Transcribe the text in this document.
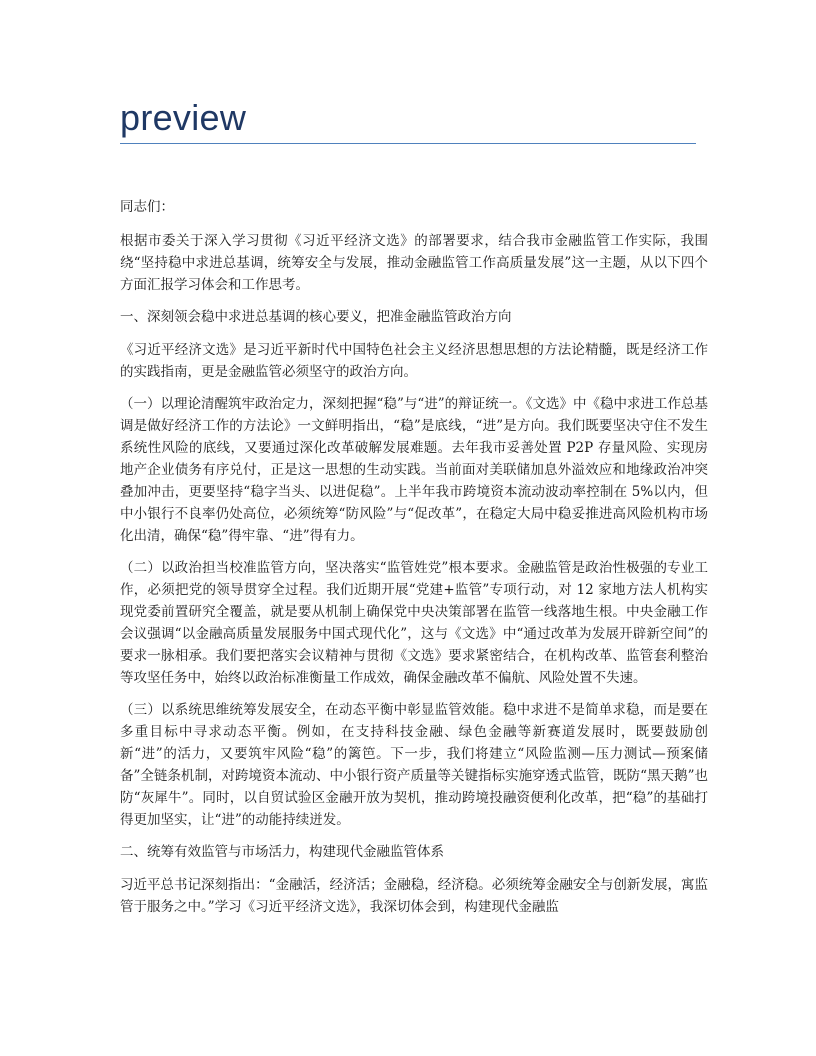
preview

同志们：

根据市委关于深入学习贯彻《习近平经济文选》的部署要求，结合我市金融监管工作实际，我围绕“坚持稳中求进总基调，统筹安全与发展，推动金融监管工作高质量发展”这一主题，从以下四个方面汇报学习体会和工作思考。

一、深刻领会稳中求进总基调的核心要义，把准金融监管政治方向

《习近平经济文选》是习近平新时代中国特色社会主义经济思想思想的方法论精髓，既是经济工作的实践指南，更是金融监管必须坚守的政治方向。

（一）以理论清醒筑牢政治定力，深刻把握“稳”与“进”的辩证统一。《文选》中《稳中求进工作总基调是做好经济工作的方法论》一文鲜明指出，“稳”是底线，“进”是方向。我们既要坚决守住不发生系统性风险的底线，又要通过深化改革破解发展难题。去年我市妥善处置 P2P 存量风险、实现房地产企业债务有序兑付，正是这一思想的生动实践。当前面对美联储加息外溢效应和地缘政治冲突叠加冲击，更要坚持“稳字当头、以进促稳”。上半年我市跨境资本流动波动率控制在 5%以内，但中小银行不良率仍处高位，必须统筹“防风险”与“促改革”，在稳定大局中稳妥推进高风险机构市场化出清，确保“稳”得牢靠、“进”得有力。

（二）以政治担当校准监管方向，坚决落实“监管姓党”根本要求。金融监管是政治性极强的专业工作，必须把党的领导贯穿全过程。我们近期开展“党建+监管”专项行动，对 12 家地方法人机构实现党委前置研究全覆盖，就是要从机制上确保党中央决策部署在监管一线落地生根。中央金融工作会议强调“以金融高质量发展服务中国式现代化”，这与《文选》中“通过改革为发展开辟新空间”的要求一脉相承。我们要把落实会议精神与贯彻《文选》要求紧密结合，在机构改革、监管套利整治等攻坚任务中，始终以政治标准衡量工作成效，确保金融改革不偏航、风险处置不失速。

（三）以系统思维统筹发展安全，在动态平衡中彰显监管效能。稳中求进不是简单求稳，而是要在多重目标中寻求动态平衡。例如，在支持科技金融、绿色金融等新赛道发展时，既要鼓励创新“进”的活力，又要筑牢风险“稳”的篱笆。下一步，我们将建立“风险监测—压力测试—预案储备”全链条机制，对跨境资本流动、中小银行资产质量等关键指标实施穿透式监管，既防“黑天鹅”也防“灰犀牛”。同时，以自贸试验区金融开放为契机，推动跨境投融资便利化改革，把“稳”的基础打得更加坚实，让“进”的动能持续迸发。

二、统筹有效监管与市场活力，构建现代金融监管体系

习近平总书记深刻指出：“金融活，经济活；金融稳，经济稳。必须统筹金融安全与创新发展，寓监管于服务之中。”学习《习近平经济文选》，我深切体会到，构建现代金融监
